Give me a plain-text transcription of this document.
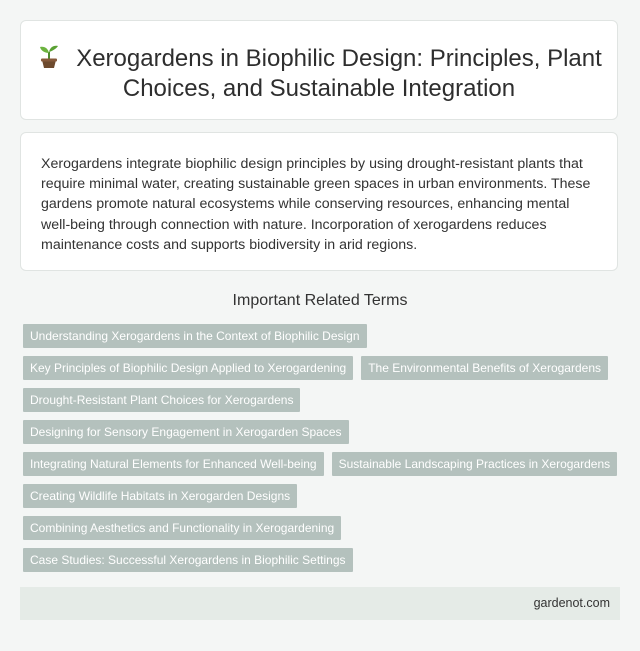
Xerogardens in Biophilic Design: Principles, Plant Choices, and Sustainable Integration

Xerogardens integrate biophilic design principles by using drought-resistant plants that require minimal water, creating sustainable green spaces in urban environments. These gardens promote natural ecosystems while conserving resources, enhancing mental well-being through connection with nature. Incorporation of xerogardens reduces maintenance costs and supports biodiversity in arid regions.

Important Related Terms
Understanding Xerogardens in the Context of Biophilic Design
Key Principles of Biophilic Design Applied to Xerogardening	The Environmental Benefits of Xerogardens
Drought-Resistant Plant Choices for Xerogardens
Designing for Sensory Engagement in Xerogarden Spaces
Integrating Natural Elements for Enhanced Well-being	Sustainable Landscaping Practices in Xerogardens
Creating Wildlife Habitats in Xerogarden Designs
Combining Aesthetics and Functionality in Xerogardening
Case Studies: Successful Xerogardens in Biophilic Settings
gardenot.com
